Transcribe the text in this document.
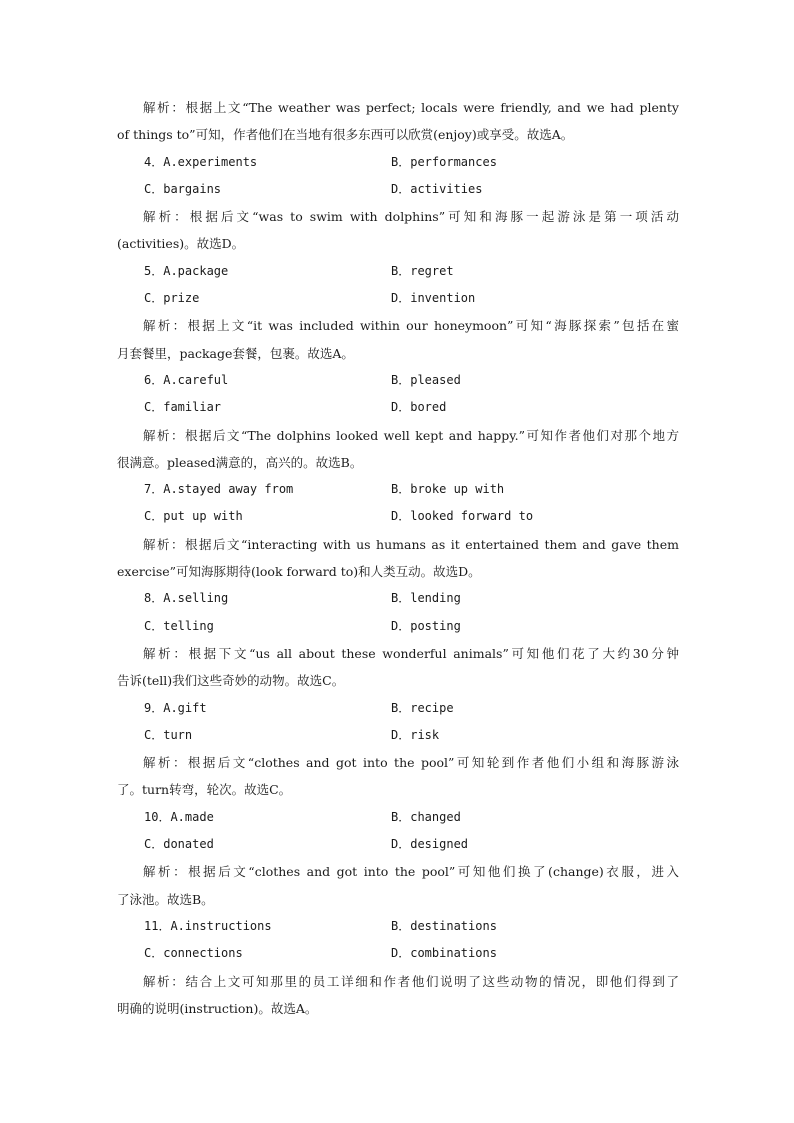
解析：根据上文“The weather was perfect; locals were friendly, and we had plenty
of things to”可知，作者他们在当地有很多东西可以欣赏(enjoy)或享受。故选A。
4．A.experiments	B．performances
C．bargains	D．activities
解析：根据后文“was to swim with dolphins”可知和海豚一起游泳是第一项活动
(activities)。故选D。
5．A.package	B．regret
C．prize	D．invention
解析：根据上文“it was included within our honeymoon”可知“海豚探索”包括在蜜
月套餐里，package套餐，包裹。故选A。
6．A.careful	B．pleased
C．familiar	D．bored
解析：根据后文“The dolphins looked well kept and happy.”可知作者他们对那个地方
很满意。pleased满意的，高兴的。故选B。
7．A.stayed away from	B．broke up with
C．put up with	D．looked forward to
解析：根据后文“interacting with us humans as it entertained them and gave them
exercise”可知海豚期待(look forward to)和人类互动。故选D。
8．A.selling	B．lending
C．telling	D．posting
解析：根据下文“us all about these wonderful animals”可知他们花了大约30分钟
告诉(tell)我们这些奇妙的动物。故选C。
9．A.gift	B．recipe
C．turn	D．risk
解析：根据后文“clothes and got into the pool”可知轮到作者他们小组和海豚游泳
了。turn转弯，轮次。故选C。
10．A.made	B．changed
C．donated	D．designed
解析：根据后文“clothes and got into the pool”可知他们换了(change)衣服，进入
了泳池。故选B。
11．A.instructions	B．destinations
C．connections	D．combinations
解析：结合上文可知那里的员工详细和作者他们说明了这些动物的情况，即他们得到了
明确的说明(instruction)。故选A。
